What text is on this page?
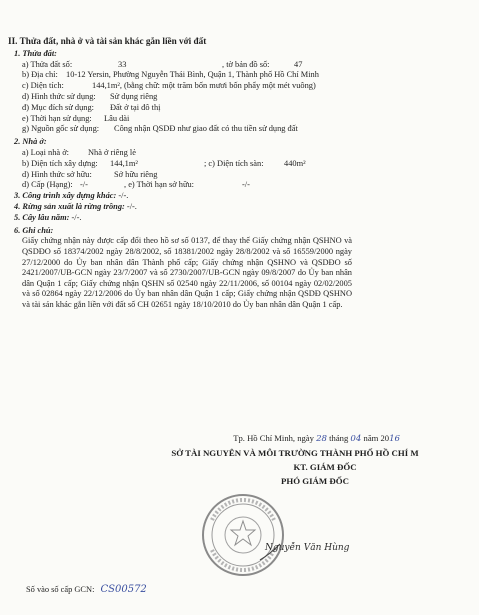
II. Thửa đất, nhà ở và tài sản khác gắn liền với đất
1. Thửa đất:
a) Thửa đất số:	33	, tờ bản đồ số:	47
b) Địa chỉ: 10-12 Yersin, Phường Nguyễn Thái Bình, Quận 1, Thành phố Hồ Chí Minh
c) Diện tích:	144,1m², (bằng chữ: một trăm bốn mươi bốn phẩy một mét vuông)
d) Hình thức sử dụng: Sử dụng riêng
đ) Mục đích sử dụng: Đất ở tại đô thị
e) Thời hạn sử dụng: Lâu dài
g) Nguồn gốc sử dụng: Công nhận QSDĐ như giao đất có thu tiền sử dụng đất
2. Nhà ở:
a) Loại nhà ở: Nhà ở riêng lẻ
b) Diện tích xây dựng: 144,1m²	; c) Diện tích sàn: 440m²
d) Hình thức sở hữu:	Sở hữu riêng
d) Cấp (Hạng): -/-	, e) Thời hạn sở hữu:	-/-
3. Công trình xây dựng khác: -/-.
4. Rừng sản xuất là rừng trồng: -/-.
5. Cây lâu năm: -/-.
6. Ghi chú:
Giấy chứng nhận này được cấp đổi theo hồ sơ số 0137, để thay thế Giấy chứng nhận QSHNO và QSDĐO số 18374/2002 ngày 28/8/2002, số 18381/2002 ngày 28/8/2002 và số 16559/2000 ngày 27/12/2000 do Ủy ban nhân dân Thành phố cấp; Giấy chứng nhận QSHNO và QSDĐO số 2421/2007/UB-GCN ngày 23/7/2007 và số 2730/2007/UB-GCN ngày 09/8/2007 do Ủy ban nhân dân Quận 1 cấp; Giấy chứng nhận QSHN số 02540 ngày 22/11/2006, số 00104 ngày 02/02/2005 và số 02864 ngày 22/12/2006 do Ủy ban nhân dân Quận 1 cấp; Giấy chứng nhận QSDĐ QSHNO và tài sản khác gắn liền với đất số CH 02651 ngày 18/10/2010 do Ủy ban nhân dân Quận 1 cấp.
Tp. Hồ Chí Minh, ngày 28 tháng 04 năm 2016
SỞ TÀI NGUYÊN VÀ MÔI TRƯỜNG THÀNH PHỐ HỒ CHÍ M
KT. GIÁM ĐỐC
PHÓ GIÁM ĐỐC
Nguyễn Văn Hùng
Số vào số cấp GCN: CS00572
